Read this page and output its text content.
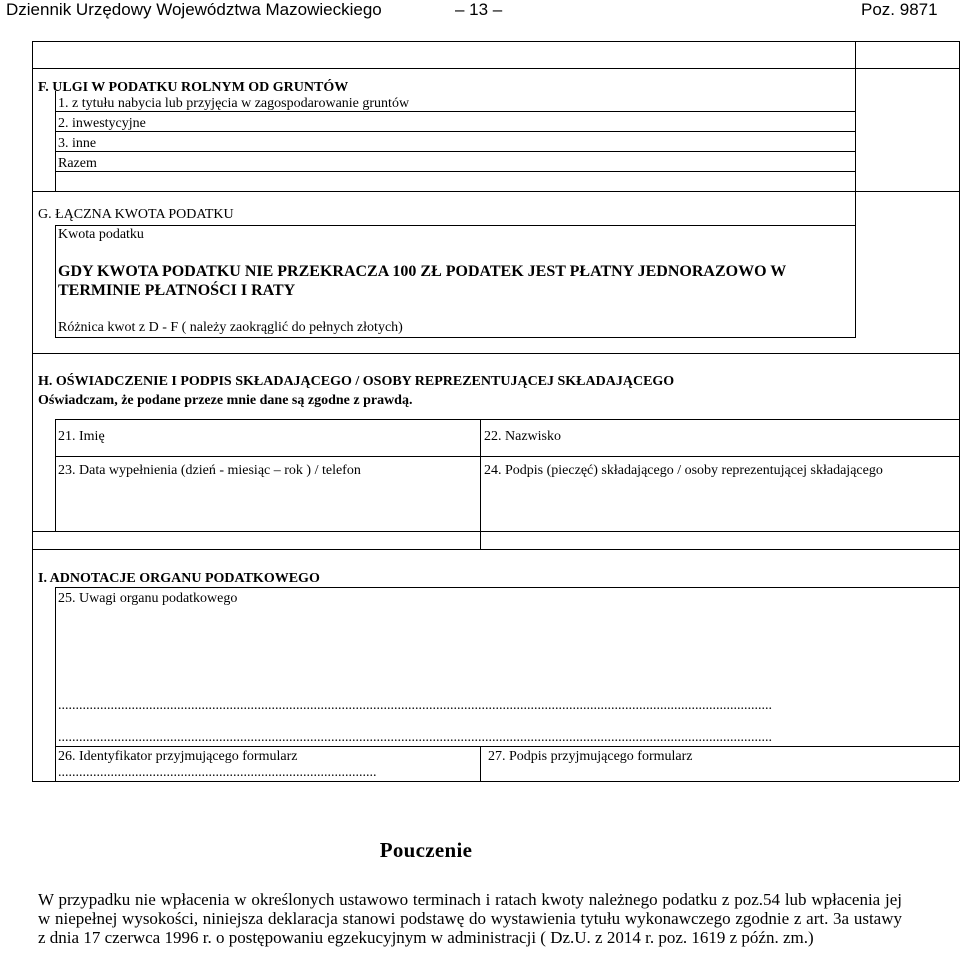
Dziennik Urzędowy Województwa Mazowieckiego	– 13 –	Poz. 9871
F. ULGI W PODATKU ROLNYM OD GRUNTÓW
1. z tytułu nabycia lub przyjęcia w zagospodarowanie gruntów
2. inwestycyjne
3. inne
Razem
G. ŁĄCZNA KWOTA PODATKU
Kwota podatku
GDY KWOTA PODATKU NIE PRZEKRACZA 100 ZŁ PODATEK JEST PŁATNY JEDNORAZOWO W
TERMINIE PŁATNOŚCI I RATY
Różnica kwot z D - F ( należy zaokrąglić do pełnych złotych)
H. OŚWIADCZENIE I PODPIS SKŁADAJĄCEGO / OSOBY REPREZENTUJĄCEJ SKŁADAJĄCEGO
Oświadczam, że podane przeze mnie dane są zgodne z prawdą.
21. Imię	22. Nazwisko
23. Data wypełnienia (dzień - miesiąc – rok ) / telefon	24. Podpis (pieczęć) składającego / osoby reprezentującej składającego
I. ADNOTACJE ORGANU PODATKOWEGO
25. Uwagi organu podatkowego
............................................................................................................................................................................................................
............................................................................................................................................................................................................
26. Identyfikator przyjmującego formularz
...........................................................................................
27. Podpis przyjmującego formularz
Pouczenie
W przypadku nie wpłacenia w określonych ustawowo terminach i ratach kwoty należnego podatku z poz.54 lub wpłacenia jej w niepełnej wysokości, niniejsza deklaracja stanowi podstawę do wystawienia tytułu wykonawczego zgodnie z art. 3a ustawy z dnia 17 czerwca 1996 r. o postępowaniu egzekucyjnym w administracji ( Dz.U. z 2014 r. poz. 1619 z późn. zm.)
